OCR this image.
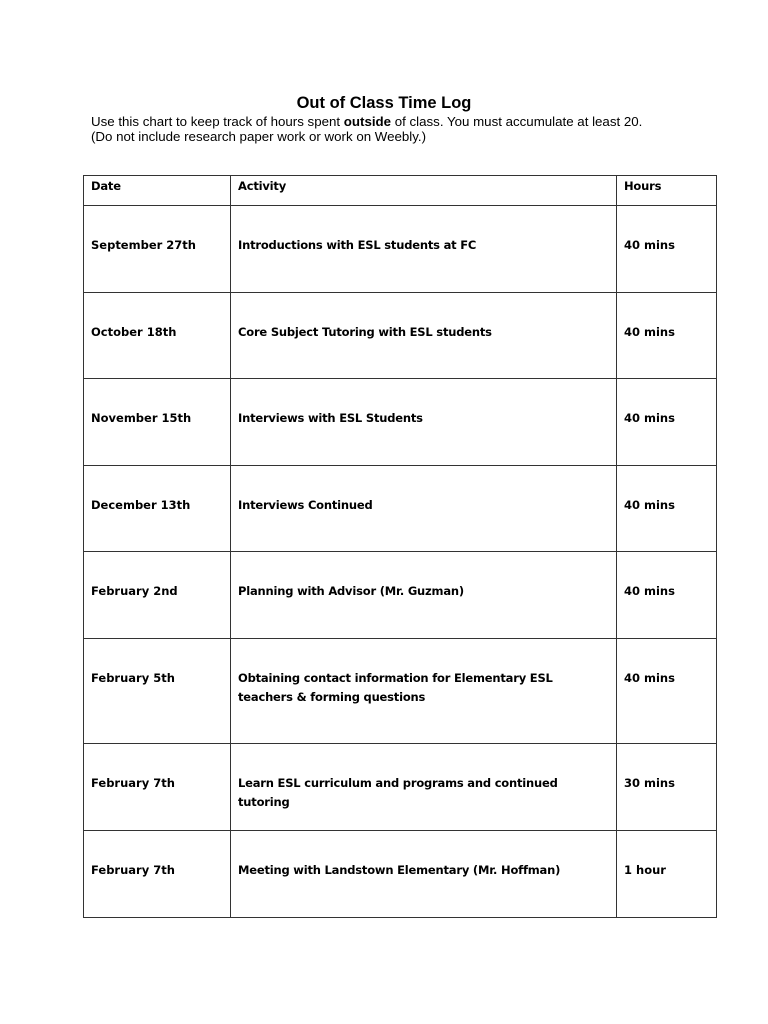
Out of Class Time Log

Use this chart to keep track of hours spent outside of class. You must accumulate at least 20.

(Do not include research paper work or work on Weebly.)

Date	Activity	Hours
September 27th	Introductions with ESL students at FC	40 mins
October 18th	Core Subject Tutoring with ESL students	40 mins
November 15th	Interviews with ESL Students	40 mins
December 13th	Interviews Continued	40 mins
February 2nd	Planning with Advisor (Mr. Guzman)	40 mins
February 5th	Obtaining contact information for Elementary ESL teachers & forming questions	40 mins
February 7th	Learn ESL curriculum and programs and continued tutoring	30 mins
February 7th	Meeting with Landstown Elementary (Mr. Hoffman)	1 hour
